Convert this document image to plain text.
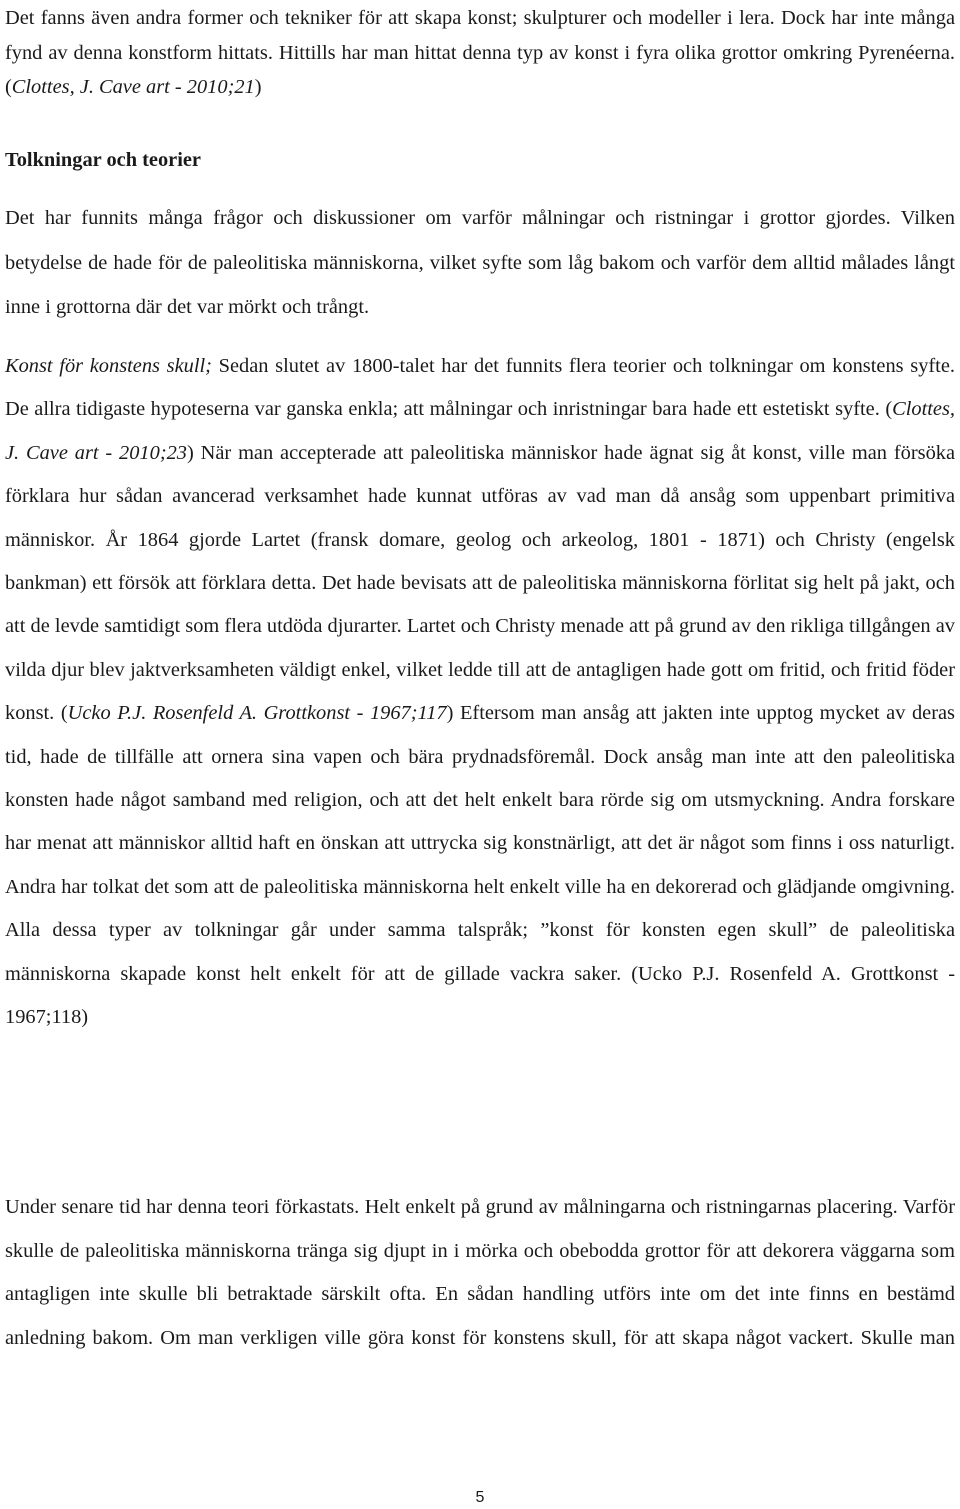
Det fanns även andra former och tekniker för att skapa konst; skulpturer och modeller i lera. Dock har inte många fynd av denna konstform hittats. Hittills har man hittat denna typ av konst i fyra olika grottor omkring Pyrenéerna. (Clottes, J. Cave art - 2010;21)

Tolkningar och teorier

Det har funnits många frågor och diskussioner om varför målningar och ristningar i grottor gjordes. Vilken betydelse de hade för de paleolitiska människorna, vilket syfte som låg bakom och varför dem alltid målades långt inne i grottorna där det var mörkt och trångt.

Konst för konstens skull; Sedan slutet av 1800-talet har det funnits flera teorier och tolkningar om konstens syfte. De allra tidigaste hypoteserna var ganska enkla; att målningar och inristningar bara hade ett estetiskt syfte. (Clottes, J. Cave art - 2010;23) När man accepterade att paleolitiska människor hade ägnat sig åt konst, ville man försöka förklara hur sådan avancerad verksamhet hade kunnat utföras av vad man då ansåg som uppenbart primitiva människor. År 1864 gjorde Lartet (fransk domare, geolog och arkeolog, 1801 - 1871) och Christy (engelsk bankman) ett försök att förklara detta. Det hade bevisats att de paleolitiska människorna förlitat sig helt på jakt, och att de levde samtidigt som flera utdöda djurarter. Lartet och Christy menade att på grund av den rikliga tillgången av vilda djur blev jaktverksamheten väldigt enkel, vilket ledde till att de antagligen hade gott om fritid, och fritid föder konst. (Ucko P.J. Rosenfeld A. Grottkonst - 1967;117) Eftersom man ansåg att jakten inte upptog mycket av deras tid, hade de tillfälle att ornera sina vapen och bära prydnadsföremål. Dock ansåg man inte att den paleolitiska konsten hade något samband med religion, och att det helt enkelt bara rörde sig om utsmyckning. Andra forskare har menat att människor alltid haft en önskan att uttrycka sig konstnärligt, att det är något som finns i oss naturligt. Andra har tolkat det som att de paleolitiska människorna helt enkelt ville ha en dekorerad och glädjande omgivning. Alla dessa typer av tolkningar går under samma talspråk; ”konst för konsten egen skull” de paleolitiska människorna skapade konst helt enkelt för att de gillade vackra saker. (Ucko P.J. Rosenfeld A. Grottkonst - 1967;118)

Under senare tid har denna teori förkastats. Helt enkelt på grund av målningarna och ristningarnas placering. Varför skulle de paleolitiska människorna tränga sig djupt in i mörka och obebodda grottor för att dekorera väggarna som antagligen inte skulle bli betraktade särskilt ofta. En sådan handling utförs inte om det inte finns en bestämd anledning bakom. Om man verkligen ville göra konst för konstens skull, för att skapa något vackert. Skulle man

5
